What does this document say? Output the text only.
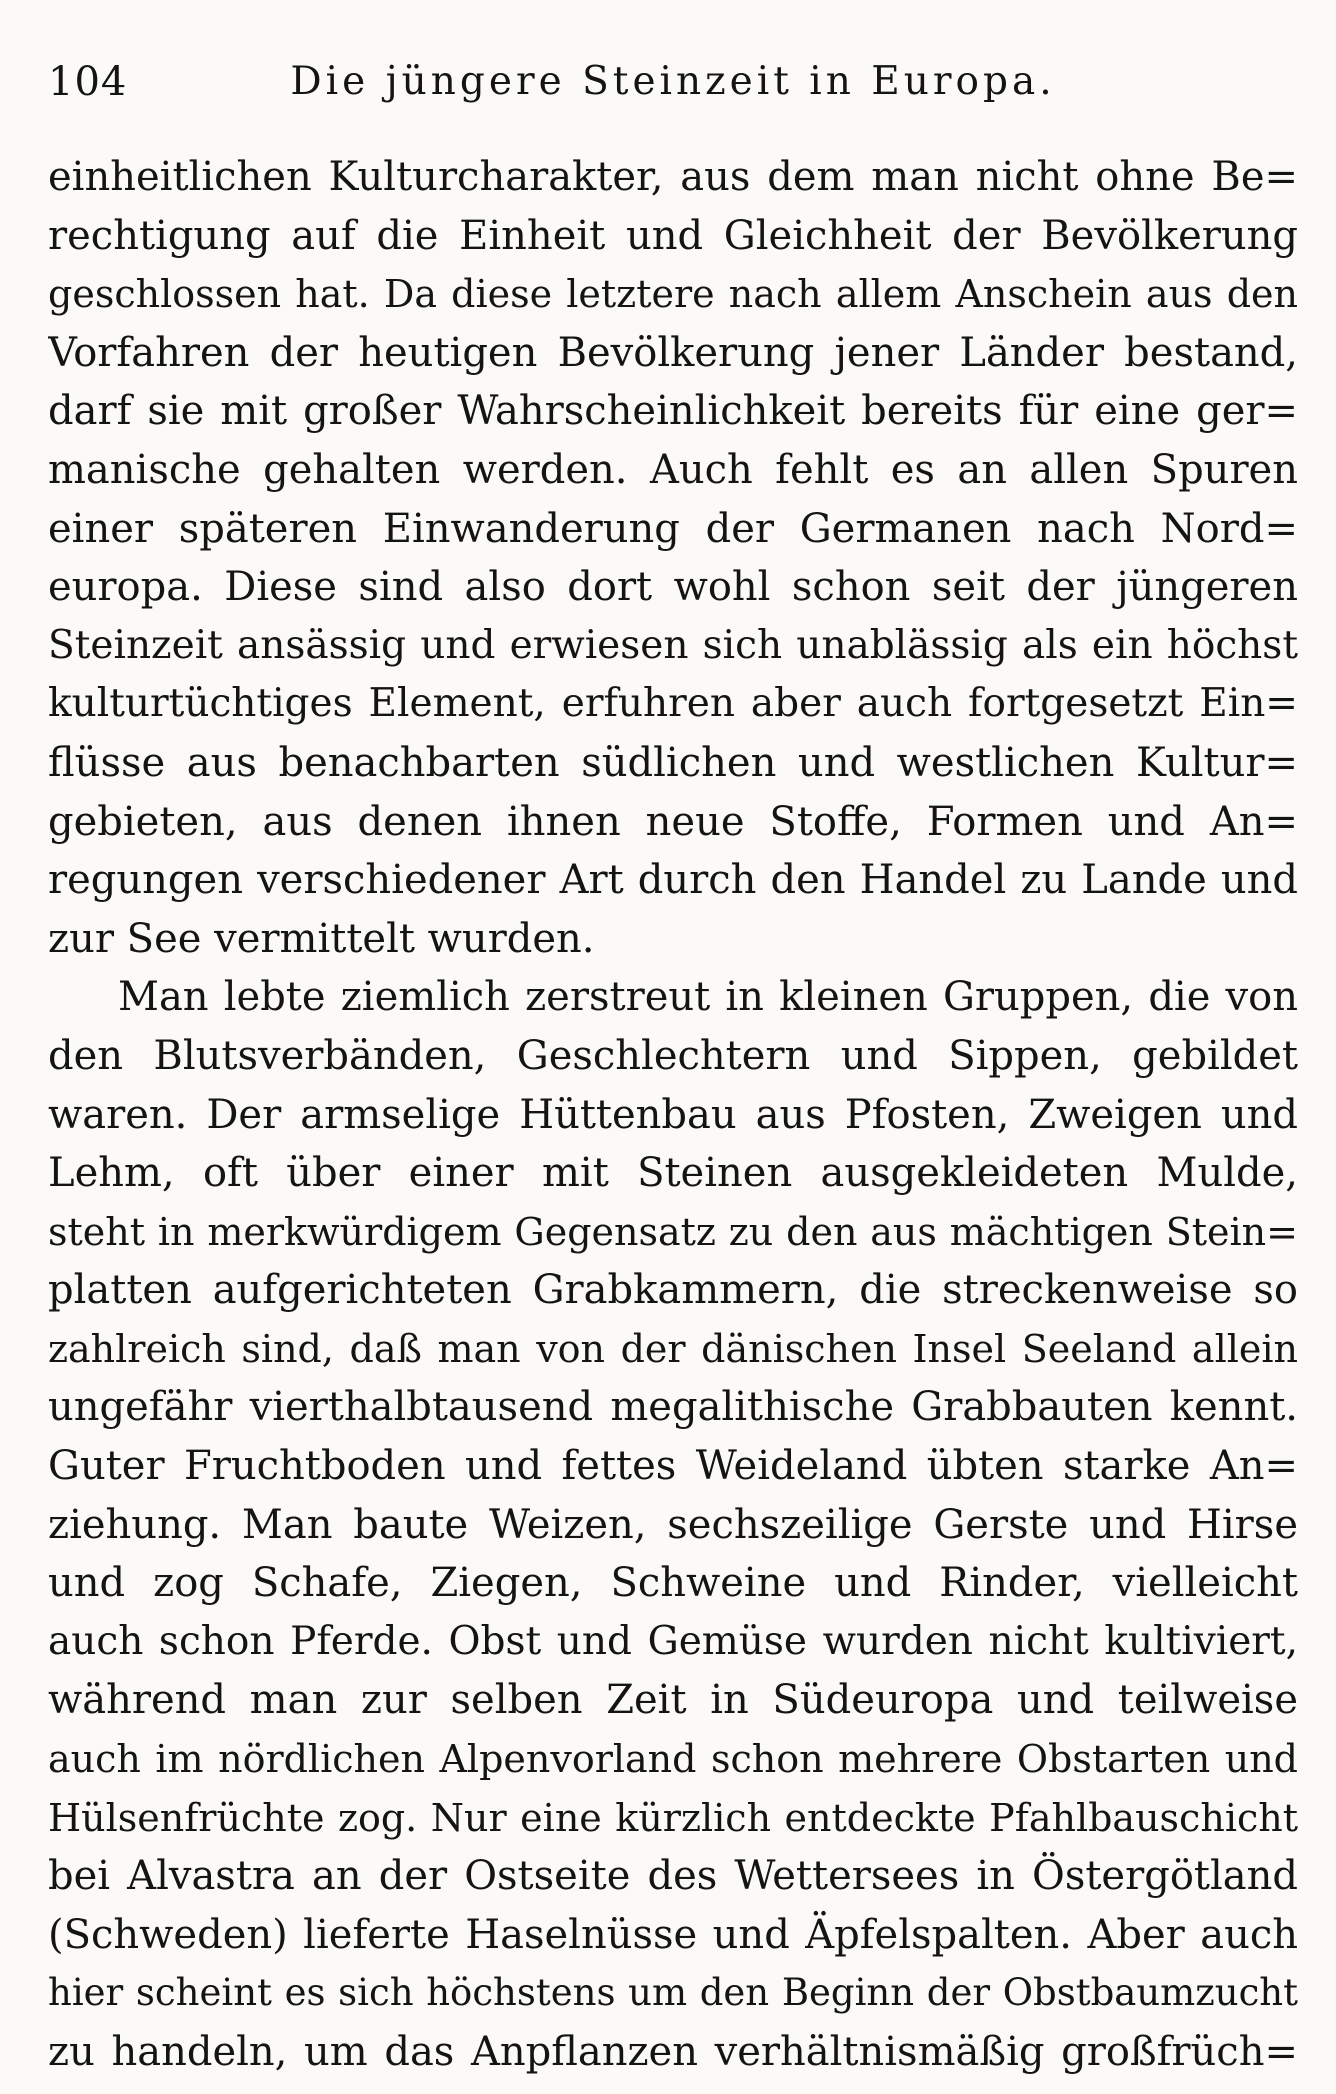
104	Die jüngere Steinzeit in Europa.
einheitlichen Kulturcharakter, aus dem man nicht ohne Be=
rechtigung auf die Einheit und Gleichheit der Bevölkerung
geschlossen hat. Da diese letztere nach allem Anschein aus den
Vorfahren der heutigen Bevölkerung jener Länder bestand,
darf sie mit großer Wahrscheinlichkeit bereits für eine ger=
manische gehalten werden. Auch fehlt es an allen Spuren
einer späteren Einwanderung der Germanen nach Nord=
europa. Diese sind also dort wohl schon seit der jüngeren
Steinzeit ansässig und erwiesen sich unablässig als ein höchst
kulturtüchtiges Element, erfuhren aber auch fortgesetzt Ein=
flüsse aus benachbarten südlichen und westlichen Kultur=
gebieten, aus denen ihnen neue Stoffe, Formen und An=
regungen verschiedener Art durch den Handel zu Lande und
zur See vermittelt wurden.
Man lebte ziemlich zerstreut in kleinen Gruppen, die von
den Blutsverbänden, Geschlechtern und Sippen, gebildet
waren. Der armselige Hüttenbau aus Pfosten, Zweigen und
Lehm, oft über einer mit Steinen ausgekleideten Mulde,
steht in merkwürdigem Gegensatz zu den aus mächtigen Stein=
platten aufgerichteten Grabkammern, die streckenweise so
zahlreich sind, daß man von der dänischen Insel Seeland allein
ungefähr vierthalbtausend megalithische Grabbauten kennt.
Guter Fruchtboden und fettes Weideland übten starke An=
ziehung. Man baute Weizen, sechszeilige Gerste und Hirse
und zog Schafe, Ziegen, Schweine und Rinder, vielleicht
auch schon Pferde. Obst und Gemüse wurden nicht kultiviert,
während man zur selben Zeit in Südeuropa und teilweise
auch im nördlichen Alpenvorland schon mehrere Obstarten und
Hülsenfrüchte zog. Nur eine kürzlich entdeckte Pfahlbauschicht
bei Alvastra an der Ostseite des Wettersees in Östergötland
(Schweden) lieferte Haselnüsse und Äpfelspalten. Aber auch
hier scheint es sich höchstens um den Beginn der Obstbaumzucht
zu handeln, um das Anpflanzen verhältnismäßig großfrüch=
